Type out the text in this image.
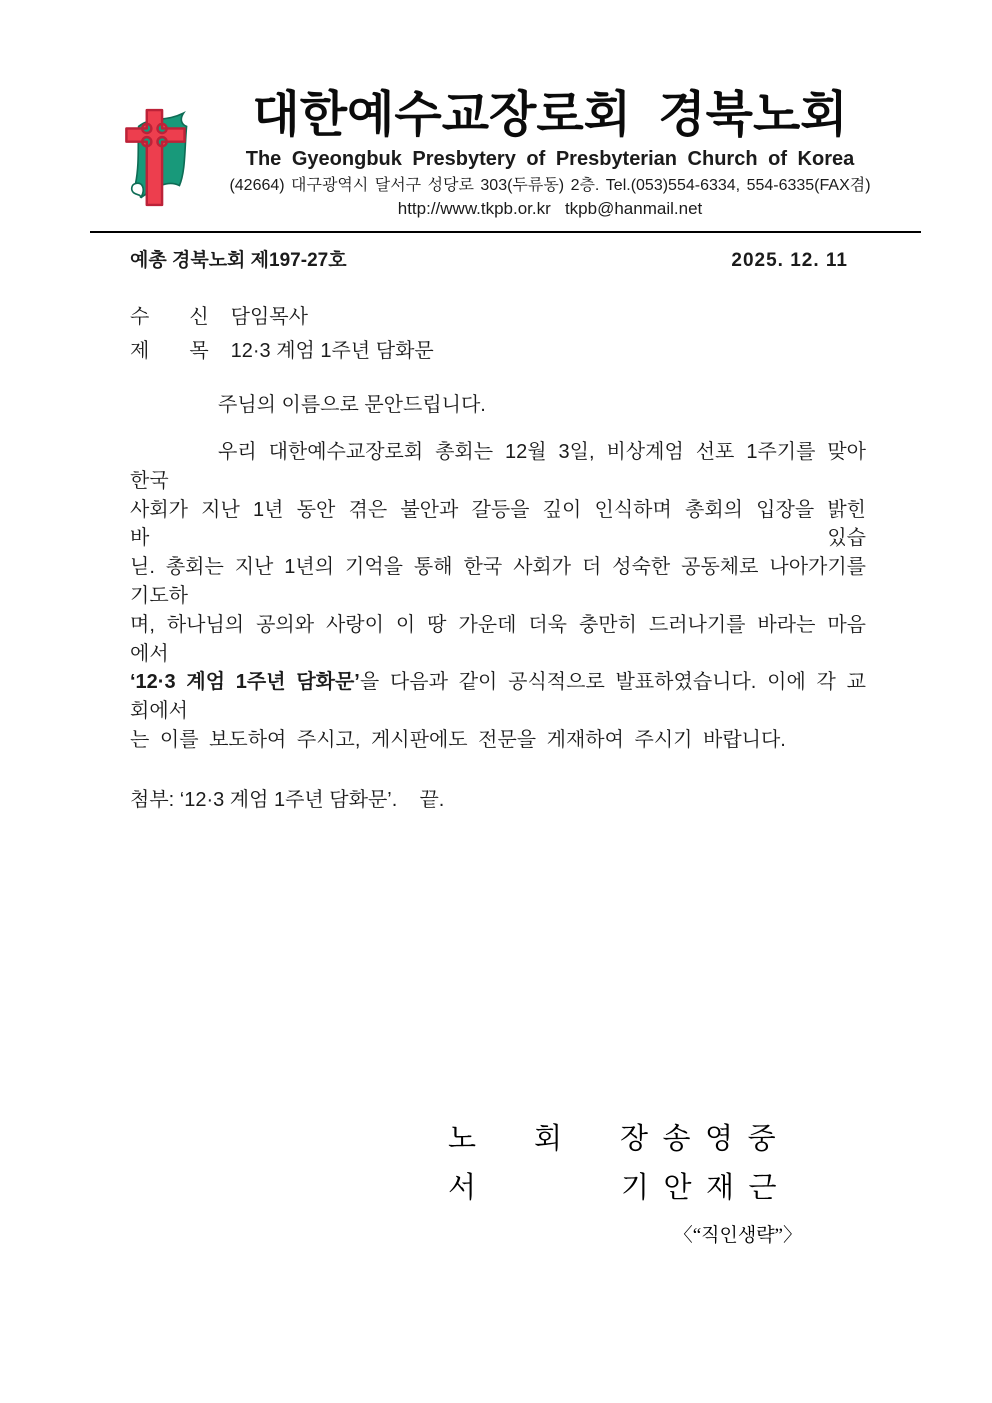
대한예수교장로회  경북노회
The Gyeongbuk Presbytery of Presbyterian Church of Korea
(42664) 대구광역시 달서구 성당로 303(두류동) 2층. Tel.(053)554-6334, 554-6335(FAX겸)
http://www.tkpb.or.kr   tkpb@hanmail.net
예총 경북노회 제197-27호	2025. 12. 11
수　　신 담임목사
제　　목 12·3 계엄 1주년 담화문

주님의 이름으로 문안드립니다.

우리 대한예수교장로회 총회는 12월 3일, 비상계엄 선포 1주기를 맞아 한국
사회가 지난 1년 동안 겪은 불안과 갈등을 깊이 인식하며 총회의 입장을 밝힌 바 있습
닏. 총회는 지난 1년의 기억을 통해 한국 사회가 더 성숙한 공동체로 나아가기를 기도하
며, 하나님의 공의와 사랑이 이 땅 가운데 더욱 충만히 드러나기를 바라는 마음에서
‘12·3 계엄 1주년 담화문’을 다음과 같이 공식적으로 발표하였습니다. 이에 각 교회에서
는 이를 보도하여 주시고, 게시판에도 전문을 게재하여 주시기 바랍니다.

첨부: ‘12·3 계엄 1주년 담화문’.    끝.

노　　회　　장  송  영  중
서　　　　　기  안  재  근
〈“직인생략”〉
